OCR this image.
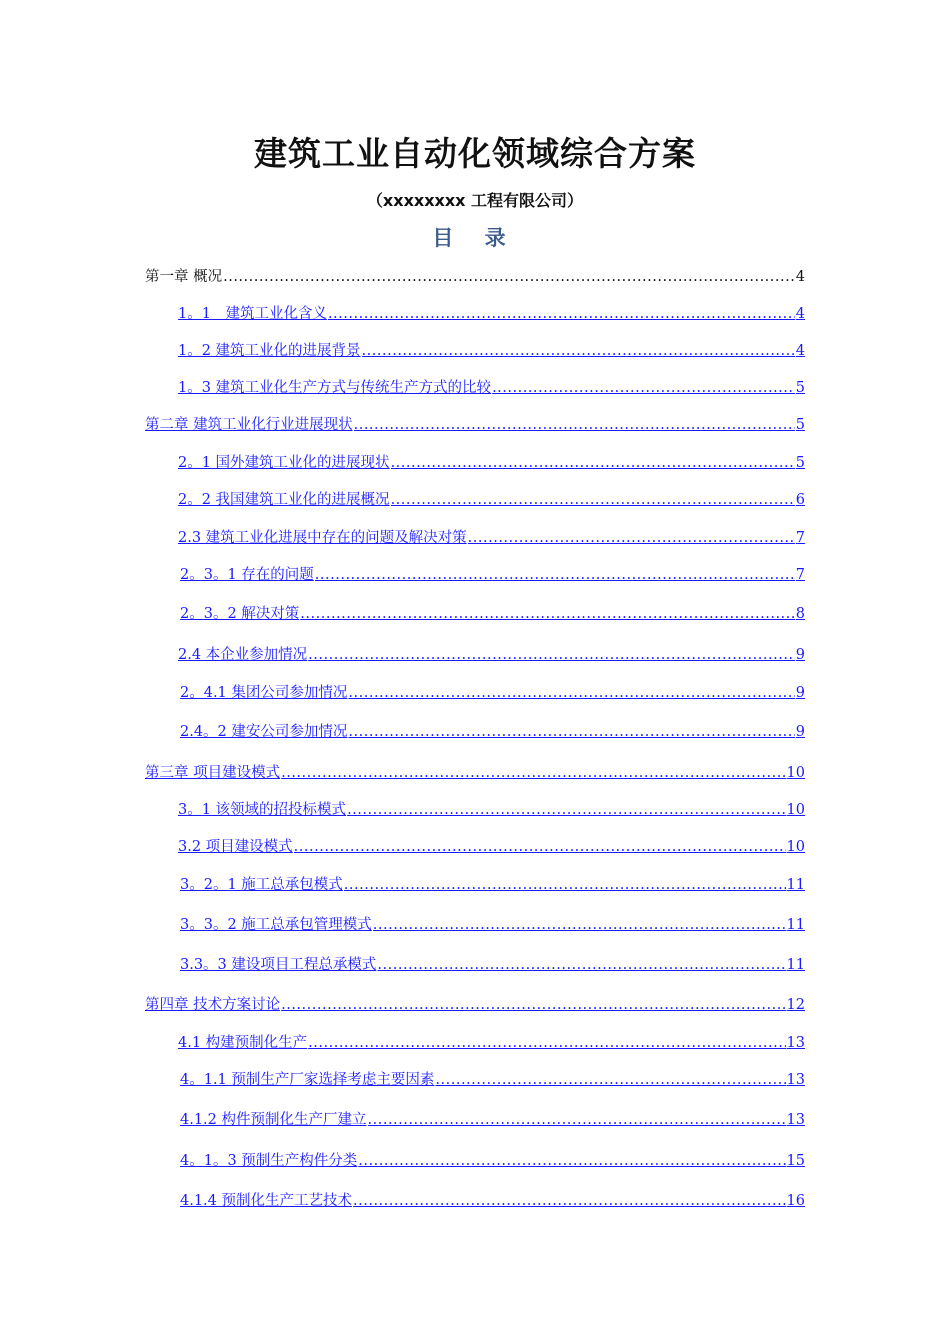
建筑工业自动化领域综合方案
（xxxxxxxx 工程有限公司）
目 录
第一章 概况 .....	4
1。1　建筑工业化含义 .....	4
1。2 建筑工业化的进展背景 .....	4
1。3 建筑工业化生产方式与传统生产方式的比较 .....	5
第二章 建筑工业化行业进展现状 .....	5
2。1 国外建筑工业化的进展现状 .....	5
2。2 我国建筑工业化的进展概况 .....	6
2.3 建筑工业化进展中存在的问题及解决对策 .....	7
2。3。1 存在的问题 .....	7
2。3。2 解决对策 .....	8
2.4 本企业参加情况 .....	9
2。4.1 集团公司参加情况 .....	9
2.4。2 建安公司参加情况 .....	9
第三章 项目建设模式 .....	10
3。1 该领域的招投标模式 .....	10
3.2 项目建设模式 .....	10
3。2。1 施工总承包模式 .....	11
3。3。2 施工总承包管理模式 .....	11
3.3。3 建设项目工程总承模式 .....	11
第四章 技术方案讨论 .....	12
4.1 构建预制化生产 .....	13
4。1.1 预制生产厂家选择考虑主要因素 .....	13
4.1.2 构件预制化生产厂建立 .....	13
4。1。3 预制生产构件分类 .....	15
4.1.4 预制化生产工艺技术 .....	16
